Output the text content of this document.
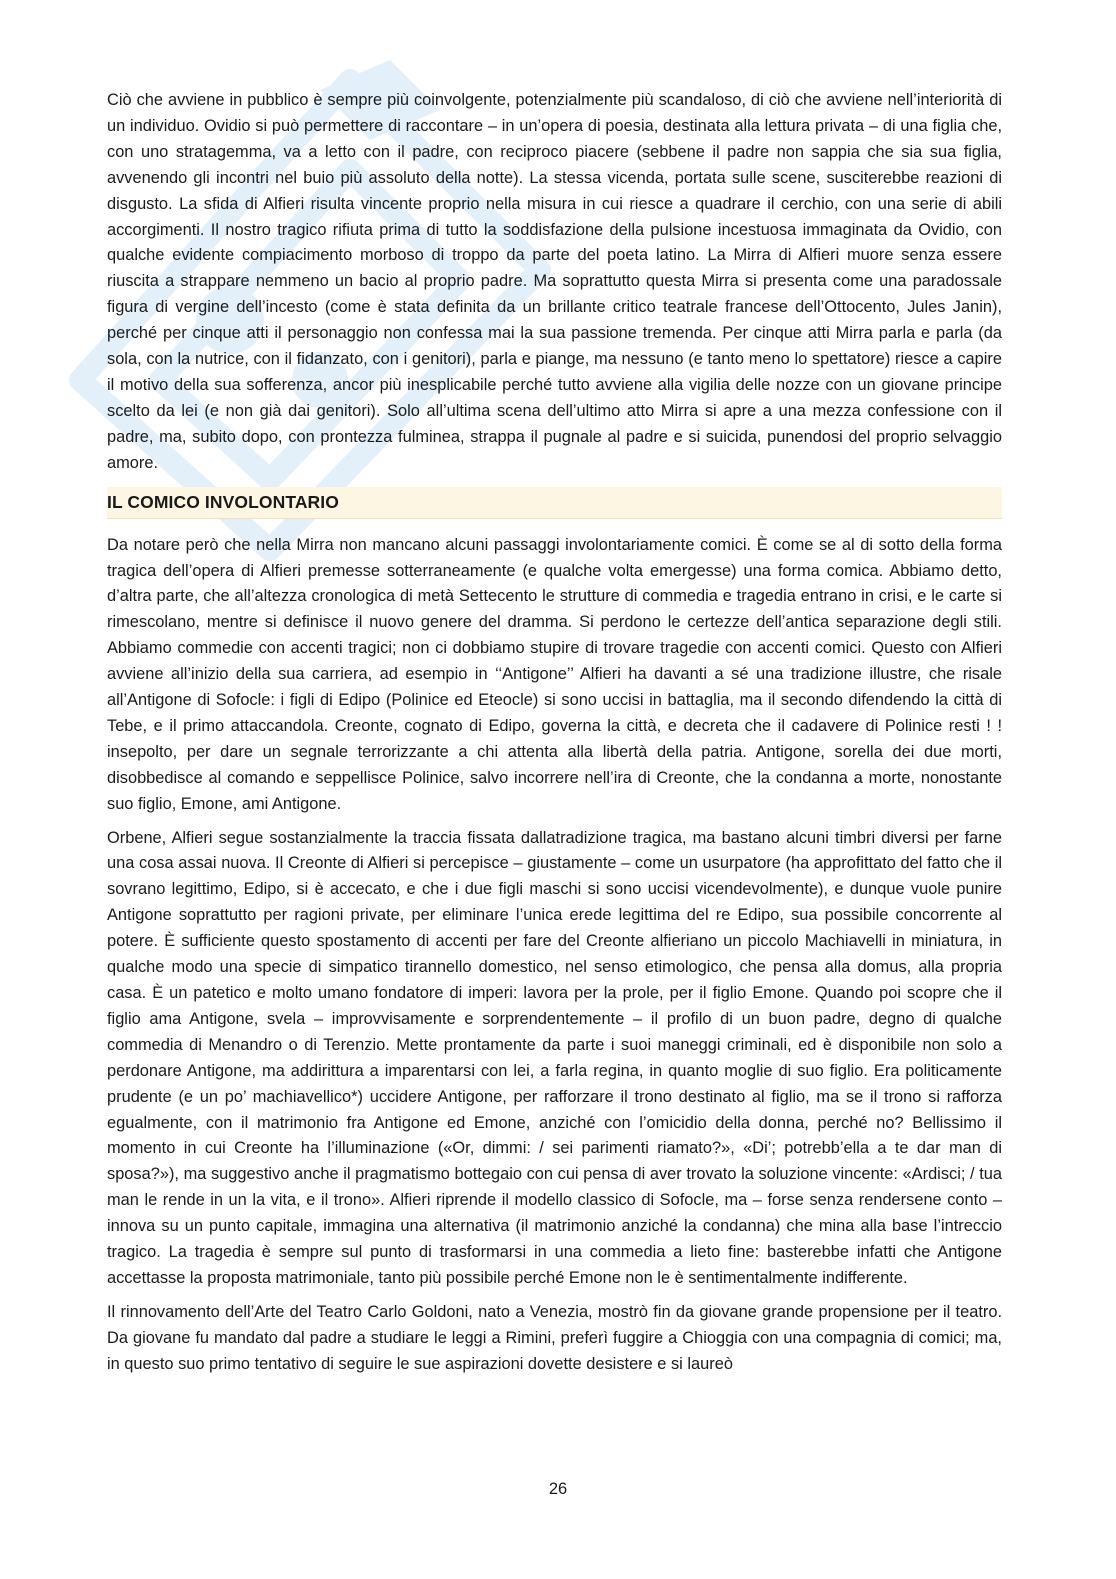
Ciò che avviene in pubblico è sempre più coinvolgente, potenzialmente più scandaloso, di ciò che avviene nell’interiorità di un individuo. Ovidio si può permettere di raccontare – in un’opera di poesia, destinata alla lettura privata – di una figlia che, con uno stratagemma, va a letto con il padre, con reciproco piacere (sebbene il padre non sappia che sia sua figlia, avvenendo gli incontri nel buio più assoluto della notte). La stessa vicenda, portata sulle scene, susciterebbe reazioni di disgusto. La sfida di Alfieri risulta vincente proprio nella misura in cui riesce a quadrare il cerchio, con una serie di abili accorgimenti. Il nostro tragico rifiuta prima di tutto la soddisfazione della pulsione incestuosa immaginata da Ovidio, con qualche evidente compiacimento morboso di troppo da parte del poeta latino. La Mirra di Alfieri muore senza essere riuscita a strappare nemmeno un bacio al proprio padre. Ma soprattutto questa Mirra si presenta come una paradossale figura di vergine dell’incesto (come è stata definita da un brillante critico teatrale francese dell’Ottocento, Jules Janin), perché per cinque atti il personaggio non confessa mai la sua passione tremenda. Per cinque atti Mirra parla e parla (da sola, con la nutrice, con il fidanzato, con i genitori), parla e piange, ma nessuno (e tanto meno lo spettatore) riesce a capire il motivo della sua sofferenza, ancor più inesplicabile perché tutto avviene alla vigilia delle nozze con un giovane principe scelto da lei (e non già dai genitori). Solo all’ultima scena dell’ultimo atto Mirra si apre a una mezza confessione con il padre, ma, subito dopo, con prontezza fulminea, strappa il pugnale al padre e si suicida, punendosi del proprio selvaggio amore.

IL COMICO INVOLONTARIO

Da notare però che nella Mirra non mancano alcuni passaggi involontariamente comici. È come se al di sotto della forma tragica dell’opera di Alfieri premesse sotterraneamente (e qualche volta emergesse) una forma comica. Abbiamo detto, d’altra parte, che all’altezza cronologica di metà Settecento le strutture di commedia e tragedia entrano in crisi, e le carte si rimescolano, mentre si definisce il nuovo genere del dramma. Si perdono le certezze dell’antica separazione degli stili. Abbiamo commedie con accenti tragici; non ci dobbiamo stupire di trovare tragedie con accenti comici. Questo con Alfieri avviene all’inizio della sua carriera, ad esempio in ‘‘Antigone’’ Alfieri ha davanti a sé una tradizione illustre, che risale all’Antigone di Sofocle: i figli di Edipo (Polinice ed Eteocle) si sono uccisi in battaglia, ma il secondo difendendo la città di Tebe, e il primo attaccandola. Creonte, cognato di Edipo, governa la città, e decreta che il cadavere di Polinice resti ! ! insepolto, per dare un segnale terrorizzante a chi attenta alla libertà della patria. Antigone, sorella dei due morti, disobbedisce al comando e seppellisce Polinice, salvo incorrere nell’ira di Creonte, che la condanna a morte, nonostante suo figlio, Emone, ami Antigone.

Orbene, Alfieri segue sostanzialmente la traccia fissata dallatradizione tragica, ma bastano alcuni timbri diversi per farne una cosa assai nuova. Il Creonte di Alfieri si percepisce – giustamente – come un usurpatore (ha approfittato del fatto che il sovrano legittimo, Edipo, si è accecato, e che i due figli maschi si sono uccisi vicendevolmente), e dunque vuole punire Antigone soprattutto per ragioni private, per eliminare l’unica erede legittima del re Edipo, sua possibile concorrente al potere. È sufficiente questo spostamento di accenti per fare del Creonte alfieriano un piccolo Machiavelli in miniatura, in qualche modo una specie di simpatico tirannello domestico, nel senso etimologico, che pensa alla domus, alla propria casa. È un patetico e molto umano fondatore di imperi: lavora per la prole, per il figlio Emone. Quando poi scopre che il figlio ama Antigone, svela – improvvisamente e sorprendentemente – il profilo di un buon padre, degno di qualche commedia di Menandro o di Terenzio. Mette prontamente da parte i suoi maneggi criminali, ed è disponibile non solo a perdonare Antigone, ma addirittura a imparentarsi con lei, a farla regina, in quanto moglie di suo figlio. Era politicamente prudente (e un po’ machiavellico*) uccidere Antigone, per rafforzare il trono destinato al figlio, ma se il trono si rafforza egualmente, con il matrimonio fra Antigone ed Emone, anziché con l’omicidio della donna, perché no? Bellissimo il momento in cui Creonte ha l’illuminazione («Or, dimmi: / sei parimenti riamato?», «Di’; potrebb’ella a te dar man di sposa?»), ma suggestivo anche il pragmatismo bottegaio con cui pensa di aver trovato la soluzione vincente: «Ardisci; / tua man le rende in un la vita, e il trono». Alfieri riprende il modello classico di Sofocle, ma – forse senza rendersene conto – innova su un punto capitale, immagina una alternativa (il matrimonio anziché la condanna) che mina alla base l’intreccio tragico. La tragedia è sempre sul punto di trasformarsi in una commedia a lieto fine: basterebbe infatti che Antigone accettasse la proposta matrimoniale, tanto più possibile perché Emone non le è sentimentalmente indifferente.

Il rinnovamento dell’Arte del Teatro Carlo Goldoni, nato a Venezia, mostrò fin da giovane grande propensione per il teatro. Da giovane fu mandato dal padre a studiare le leggi a Rimini, preferì fuggire a Chioggia con una compagnia di comici; ma, in questo suo primo tentativo di seguire le sue aspirazioni dovette desistere e si laureò

26
